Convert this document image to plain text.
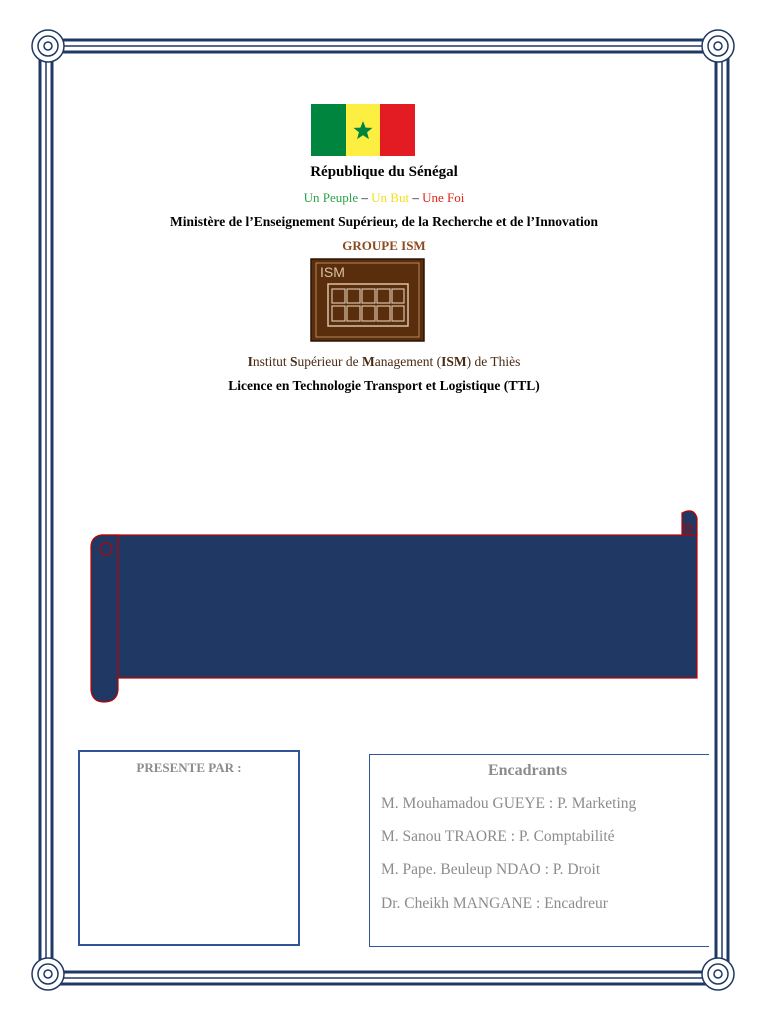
ISM
République du Sénégal
Un Peuple – Un But – Une Foi
Ministère de l’Enseignement Supérieur, de la Recherche et de l’Innovation
GROUPE ISM
Institut Supérieur de Management (ISM) de Thiès
Licence en Technologie Transport et Logistique (TTL)
PRESENTE PAR :	Encadrants
M. Mouhamadou GUEYE : P. Marketing
M. Sanou TRAORE : P. Comptabilité
M. Pape. Beuleup NDAO : P. Droit
Dr. Cheikh MANGANE : Encadreur
